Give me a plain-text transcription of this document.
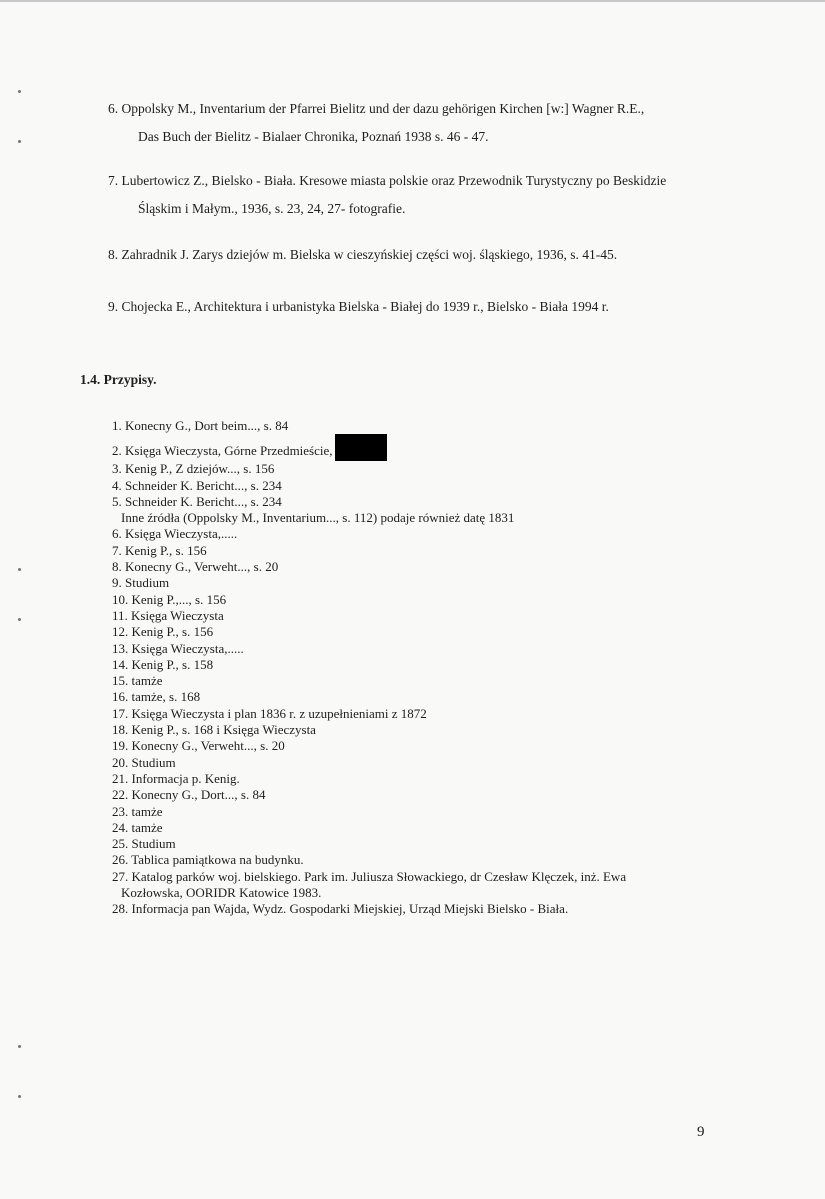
6. Oppolsky M., Inventarium der Pfarrei Bielitz und der dazu gehörigen Kirchen [w:] Wagner R.E.,
Das Buch der Bielitz - Bialaer Chronika, Poznań 1938 s. 46 - 47.
7. Lubertowicz Z., Bielsko - Biała. Kresowe miasta polskie oraz Przewodnik Turystyczny po Beskidzie
Śląskim i Małym., 1936, s. 23, 24, 27- fotografie.
8. Zahradnik J. Zarys dziejów m. Bielska w cieszyńskiej części woj. śląskiego, 1936, s. 41-45.
9. Chojecka E., Architektura i urbanistyka Bielska - Białej do 1939 r., Bielsko - Biała 1994 r.
1.4. Przypisy.
1. Konecny G., Dort beim..., s. 84
2. Księga Wieczysta, Górne Przedmieście,
3. Kenig P., Z dziejów..., s. 156
4. Schneider K. Bericht..., s. 234
5. Schneider K. Bericht..., s. 234
Inne źródła (Oppolsky M., Inventarium..., s. 112) podaje również datę 1831
6. Księga Wieczysta,.....
7. Kenig P., s. 156
8. Konecny G., Verweht..., s. 20
9. Studium
10. Kenig P.,..., s. 156
11. Księga Wieczysta
12. Kenig P., s. 156
13. Księga Wieczysta,.....
14. Kenig P., s. 158
15. tamże
16. tamże, s. 168
17. Księga Wieczysta i plan 1836 r. z uzupełnieniami z 1872
18. Kenig P., s. 168 i Księga Wieczysta
19. Konecny G., Verweht..., s. 20
20. Studium
21. Informacja p. Kenig.
22. Konecny G., Dort..., s. 84
23. tamże
24. tamże
25. Studium
26. Tablica pamiątkowa na budynku.
27. Katalog parków woj. bielskiego. Park im. Juliusza Słowackiego, dr Czesław Klęczek, inż. Ewa
Kozłowska, OORIDR Katowice 1983.
28. Informacja pan Wajda, Wydz. Gospodarki Miejskiej, Urząd Miejski Bielsko - Biała.
9
